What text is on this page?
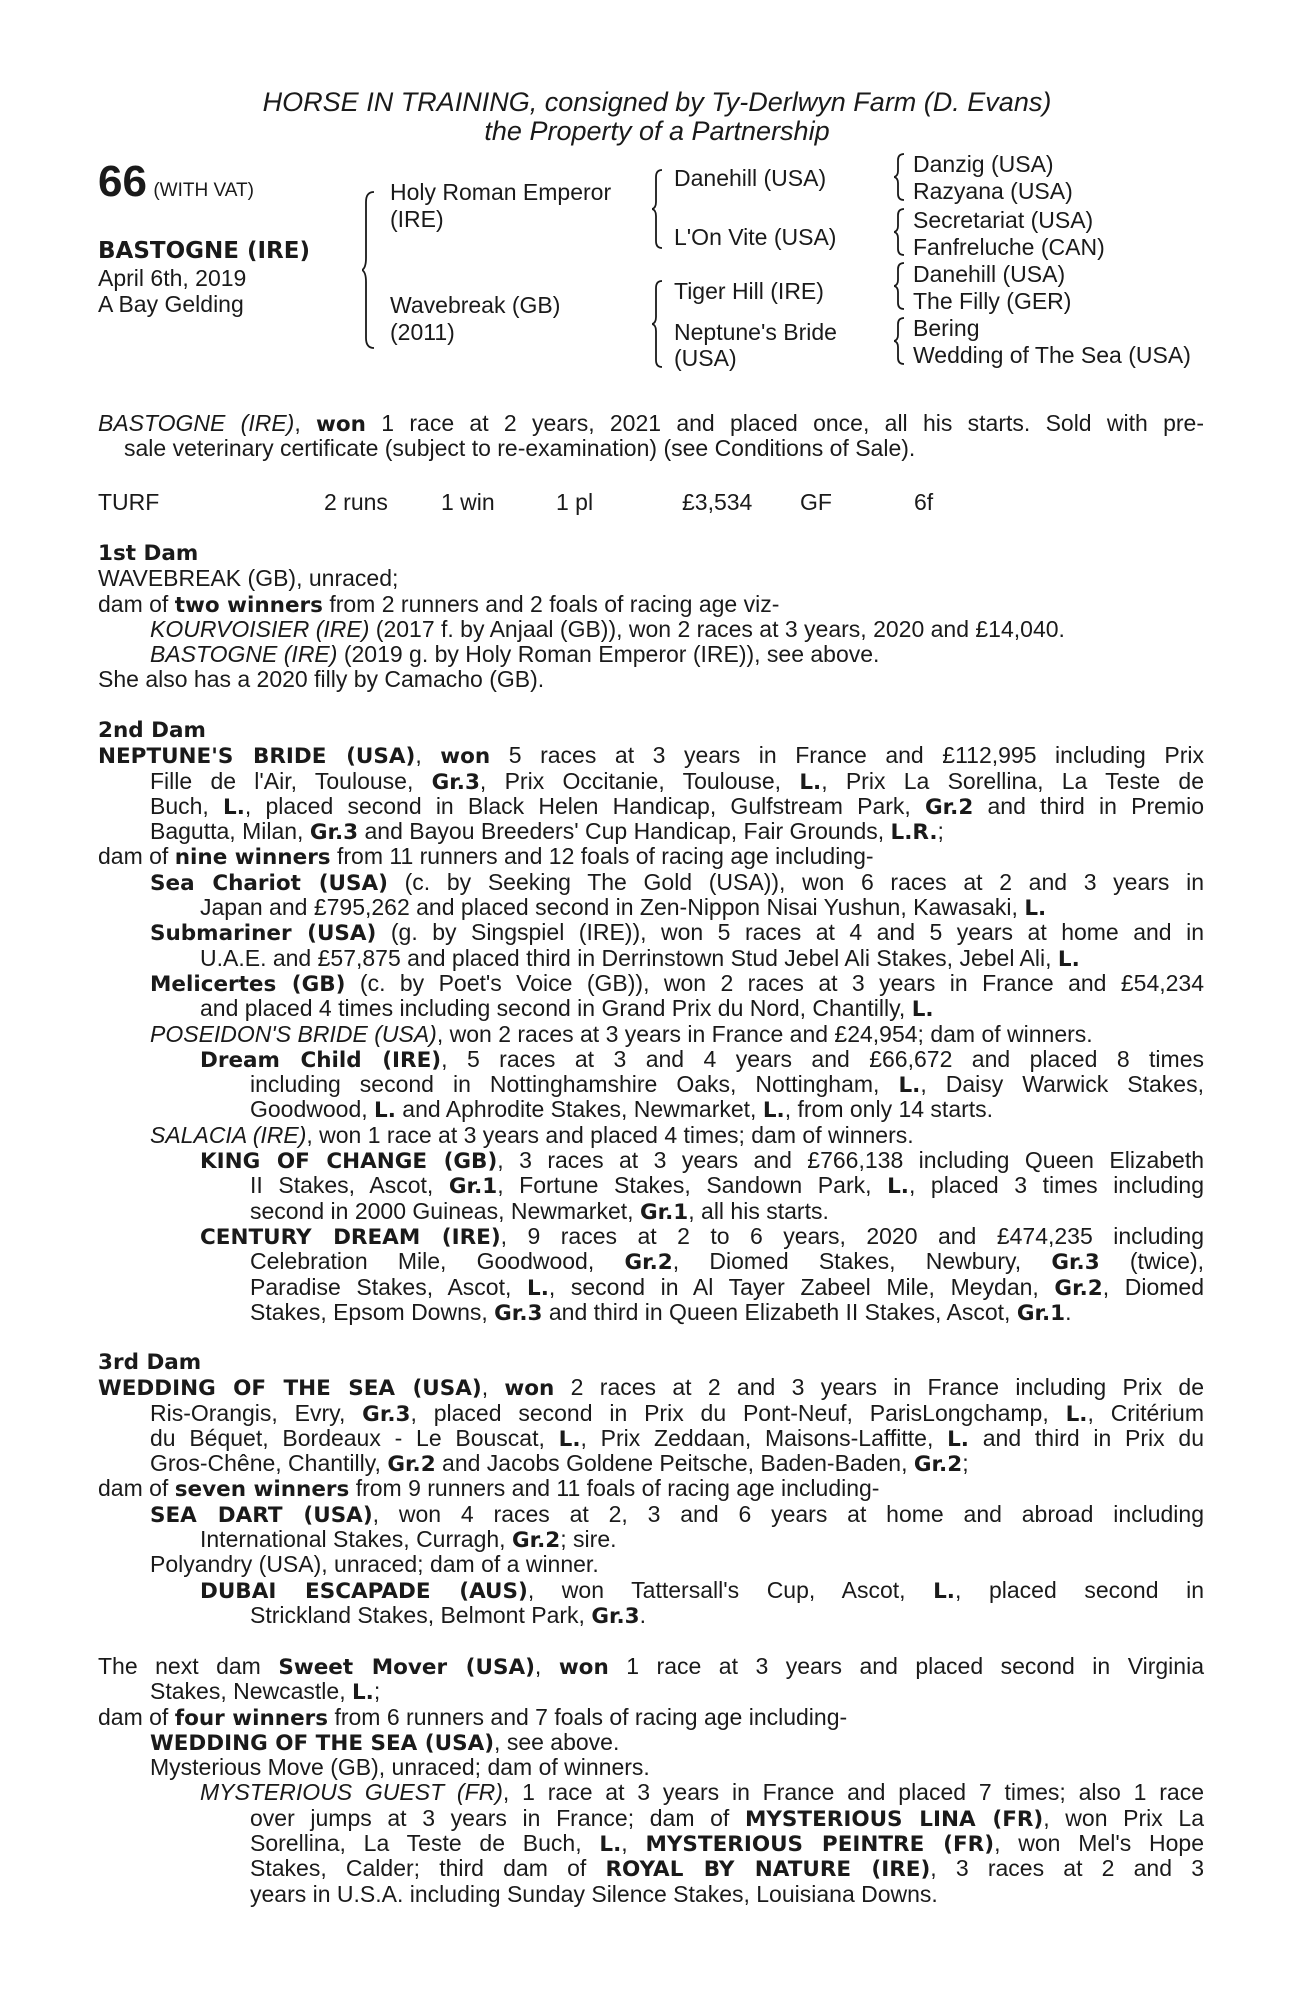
HORSE IN TRAINING, consigned by Ty-Derlwyn Farm (D. Evans)
the Property of a Partnership
66 (WITH VAT)
BASTOGNE (IRE)
April 6th, 2019
A Bay Gelding
Holy Roman Emperor
(IRE)
Wavebreak (GB)
(2011)
Danehill (USA)
L'On Vite (USA)
Tiger Hill (IRE)
Neptune's Bride
(USA)
Danzig (USA)
Razyana (USA)
Secretariat (USA)
Fanfreluche (CAN)
Danehill (USA)
The Filly (GER)
Bering
Wedding of The Sea (USA)
BASTOGNE (IRE), won 1 race at 2 years, 2021 and placed once, all his starts. Sold with pre-
sale veterinary certificate (subject to re-examination) (see Conditions of Sale).
TURF	2 runs 1 win	1 pl	£3,534 GF	6f
1st Dam
WAVEBREAK (GB), unraced;
dam of two winners from 2 runners and 2 foals of racing age viz-
KOURVOISIER (IRE) (2017 f. by Anjaal (GB)), won 2 races at 3 years, 2020 and £14,040.
BASTOGNE (IRE) (2019 g. by Holy Roman Emperor (IRE)), see above.
She also has a 2020 filly by Camacho (GB).
2nd Dam
NEPTUNE'S BRIDE (USA), won 5 races at 3 years in France and £112,995 including Prix
Fille de l'Air, Toulouse, Gr.3, Prix Occitanie, Toulouse, L., Prix La Sorellina, La Teste de
Buch, L., placed second in Black Helen Handicap, Gulfstream Park, Gr.2 and third in Premio
Bagutta, Milan, Gr.3 and Bayou Breeders' Cup Handicap, Fair Grounds, L.R.;
dam of nine winners from 11 runners and 12 foals of racing age including-
Sea Chariot (USA) (c. by Seeking The Gold (USA)), won 6 races at 2 and 3 years in
Japan and £795,262 and placed second in Zen-Nippon Nisai Yushun, Kawasaki, L.
Submariner (USA) (g. by Singspiel (IRE)), won 5 races at 4 and 5 years at home and in
U.A.E. and £57,875 and placed third in Derrinstown Stud Jebel Ali Stakes, Jebel Ali, L.
Melicertes (GB) (c. by Poet's Voice (GB)), won 2 races at 3 years in France and £54,234
and placed 4 times including second in Grand Prix du Nord, Chantilly, L.
POSEIDON'S BRIDE (USA), won 2 races at 3 years in France and £24,954; dam of winners.
Dream Child (IRE), 5 races at 3 and 4 years and £66,672 and placed 8 times
including second in Nottinghamshire Oaks, Nottingham, L., Daisy Warwick Stakes,
Goodwood, L. and Aphrodite Stakes, Newmarket, L., from only 14 starts.
SALACIA (IRE), won 1 race at 3 years and placed 4 times; dam of winners.
KING OF CHANGE (GB), 3 races at 3 years and £766,138 including Queen Elizabeth
II Stakes, Ascot, Gr.1, Fortune Stakes, Sandown Park, L., placed 3 times including
second in 2000 Guineas, Newmarket, Gr.1, all his starts.
CENTURY DREAM (IRE), 9 races at 2 to 6 years, 2020 and £474,235 including
Celebration Mile, Goodwood, Gr.2, Diomed Stakes, Newbury, Gr.3 (twice),
Paradise Stakes, Ascot, L., second in Al Tayer Zabeel Mile, Meydan, Gr.2, Diomed
Stakes, Epsom Downs, Gr.3 and third in Queen Elizabeth II Stakes, Ascot, Gr.1.
3rd Dam
WEDDING OF THE SEA (USA), won 2 races at 2 and 3 years in France including Prix de
Ris-Orangis, Evry, Gr.3, placed second in Prix du Pont-Neuf, ParisLongchamp, L., Critérium
du Béquet, Bordeaux - Le Bouscat, L., Prix Zeddaan, Maisons-Laffitte, L. and third in Prix du
Gros-Chêne, Chantilly, Gr.2 and Jacobs Goldene Peitsche, Baden-Baden, Gr.2;
dam of seven winners from 9 runners and 11 foals of racing age including-
SEA DART (USA), won 4 races at 2, 3 and 6 years at home and abroad including
International Stakes, Curragh, Gr.2; sire.
Polyandry (USA), unraced; dam of a winner.
DUBAI ESCAPADE (AUS), won Tattersall's Cup, Ascot, L., placed second in
Strickland Stakes, Belmont Park, Gr.3.
The next dam Sweet Mover (USA), won 1 race at 3 years and placed second in Virginia
Stakes, Newcastle, L.;
dam of four winners from 6 runners and 7 foals of racing age including-
WEDDING OF THE SEA (USA), see above.
Mysterious Move (GB), unraced; dam of winners.
MYSTERIOUS GUEST (FR), 1 race at 3 years in France and placed 7 times; also 1 race
over jumps at 3 years in France; dam of MYSTERIOUS LINA (FR), won Prix La
Sorellina, La Teste de Buch, L., MYSTERIOUS PEINTRE (FR), won Mel's Hope
Stakes, Calder; third dam of ROYAL BY NATURE (IRE), 3 races at 2 and 3
years in U.S.A. including Sunday Silence Stakes, Louisiana Downs.
